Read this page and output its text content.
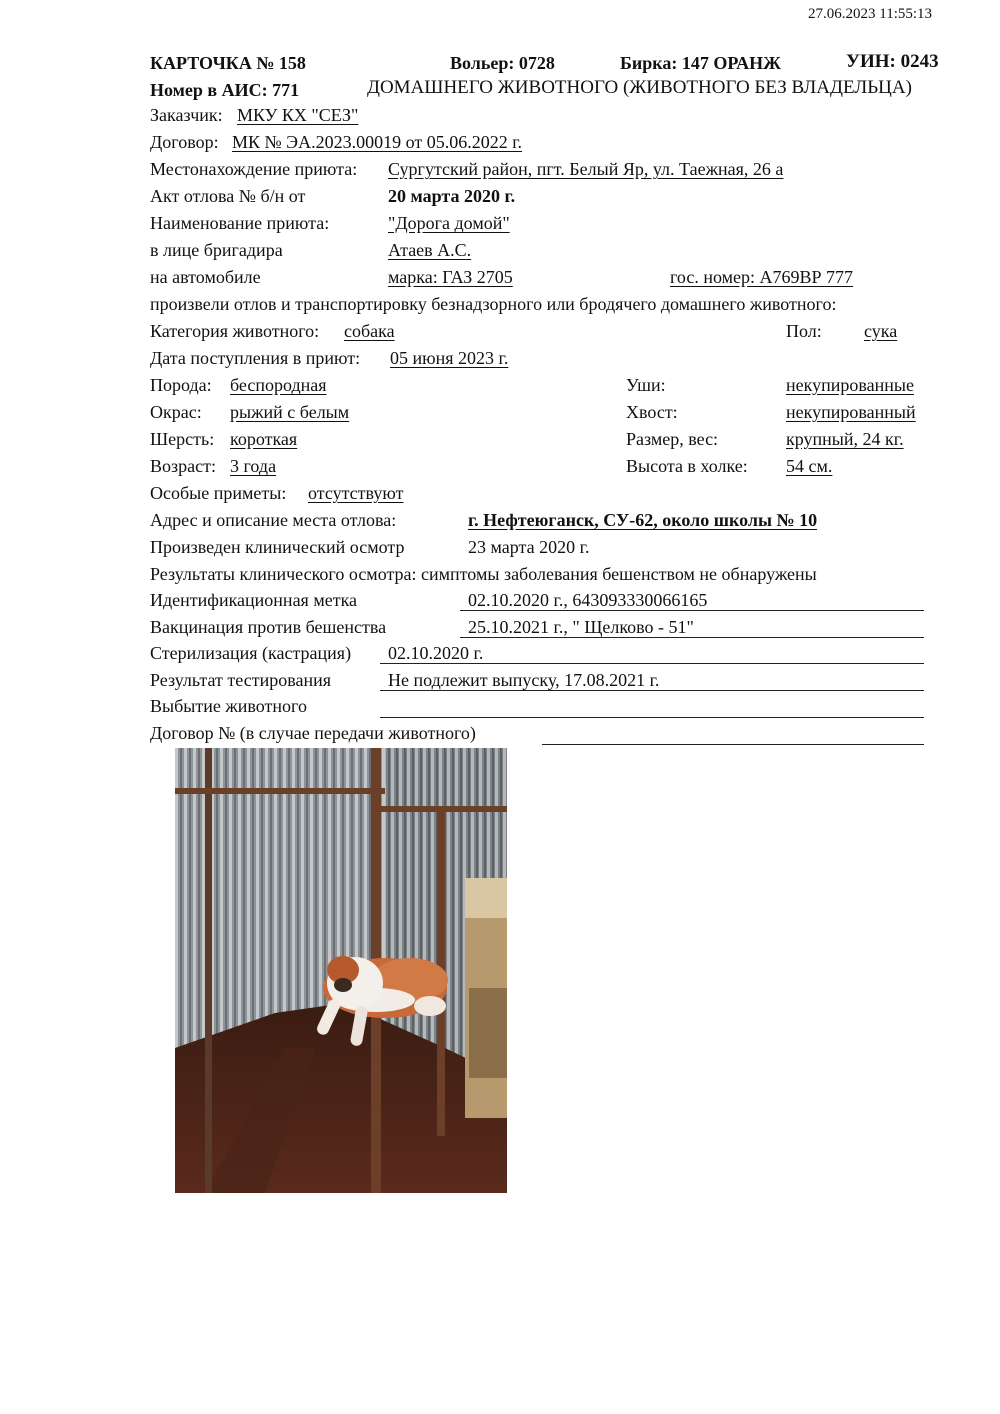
27.06.2023 11:55:13
КАРТОЧКА № 158	Вольер: 0728	Бирка: 147 ОРАНЖ	УИН: 0243
Номер в АИС: 771	ДОМАШНЕГО ЖИВОТНОГО (ЖИВОТНОГО БЕЗ ВЛАДЕЛЬЦА)
Заказчик: МКУ КХ "СЕЗ"
Договор: МК № ЭА.2023.00019 от 05.06.2022 г.
Местонахождение приюта: Сургутский район, пгт. Белый Яр, ул. Таежная, 26 а
Акт отлова № б/н от	20 марта 2020 г.
Наименование приюта:	"Дорога домой"
в лице бригадира	Атаев А.С.
на автомобиле	марка: ГАЗ 2705	гос. номер: А769ВР 777
произвели отлов и транспортировку безнадзорного или бродячего домашнего животного:
Категория животного: собака	Пол: сука
Дата поступления в приют: 05 июня 2023 г.
Порода: беспородная	Уши:	некупированные
Окрас: рыжий с белым	Хвост:	некупированный
Шерсть: короткая	Размер, вес:	крупный, 24 кг.
Возраст: 3 года	Высота в холке: 54 см.
Особые приметы: отсутствуют
Адрес и описание места отлова:	г. Нефтеюганск, СУ-62, около школы № 10
Произведен клинический осмотр	23 марта 2020 г.
Результаты клинического осмотра: симптомы заболевания бешенством не обнаружены
Идентификационная метка	02.10.2020 г., 643093330066165
Вакцинация против бешенства	25.10.2021 г., " Щелково - 51"
Стерилизация (кастрация) 02.10.2020 г.
Результат тестирования	Не подлежит выпуску, 17.08.2021 г.
Выбытие животного
Договор № (в случае передачи животного)
